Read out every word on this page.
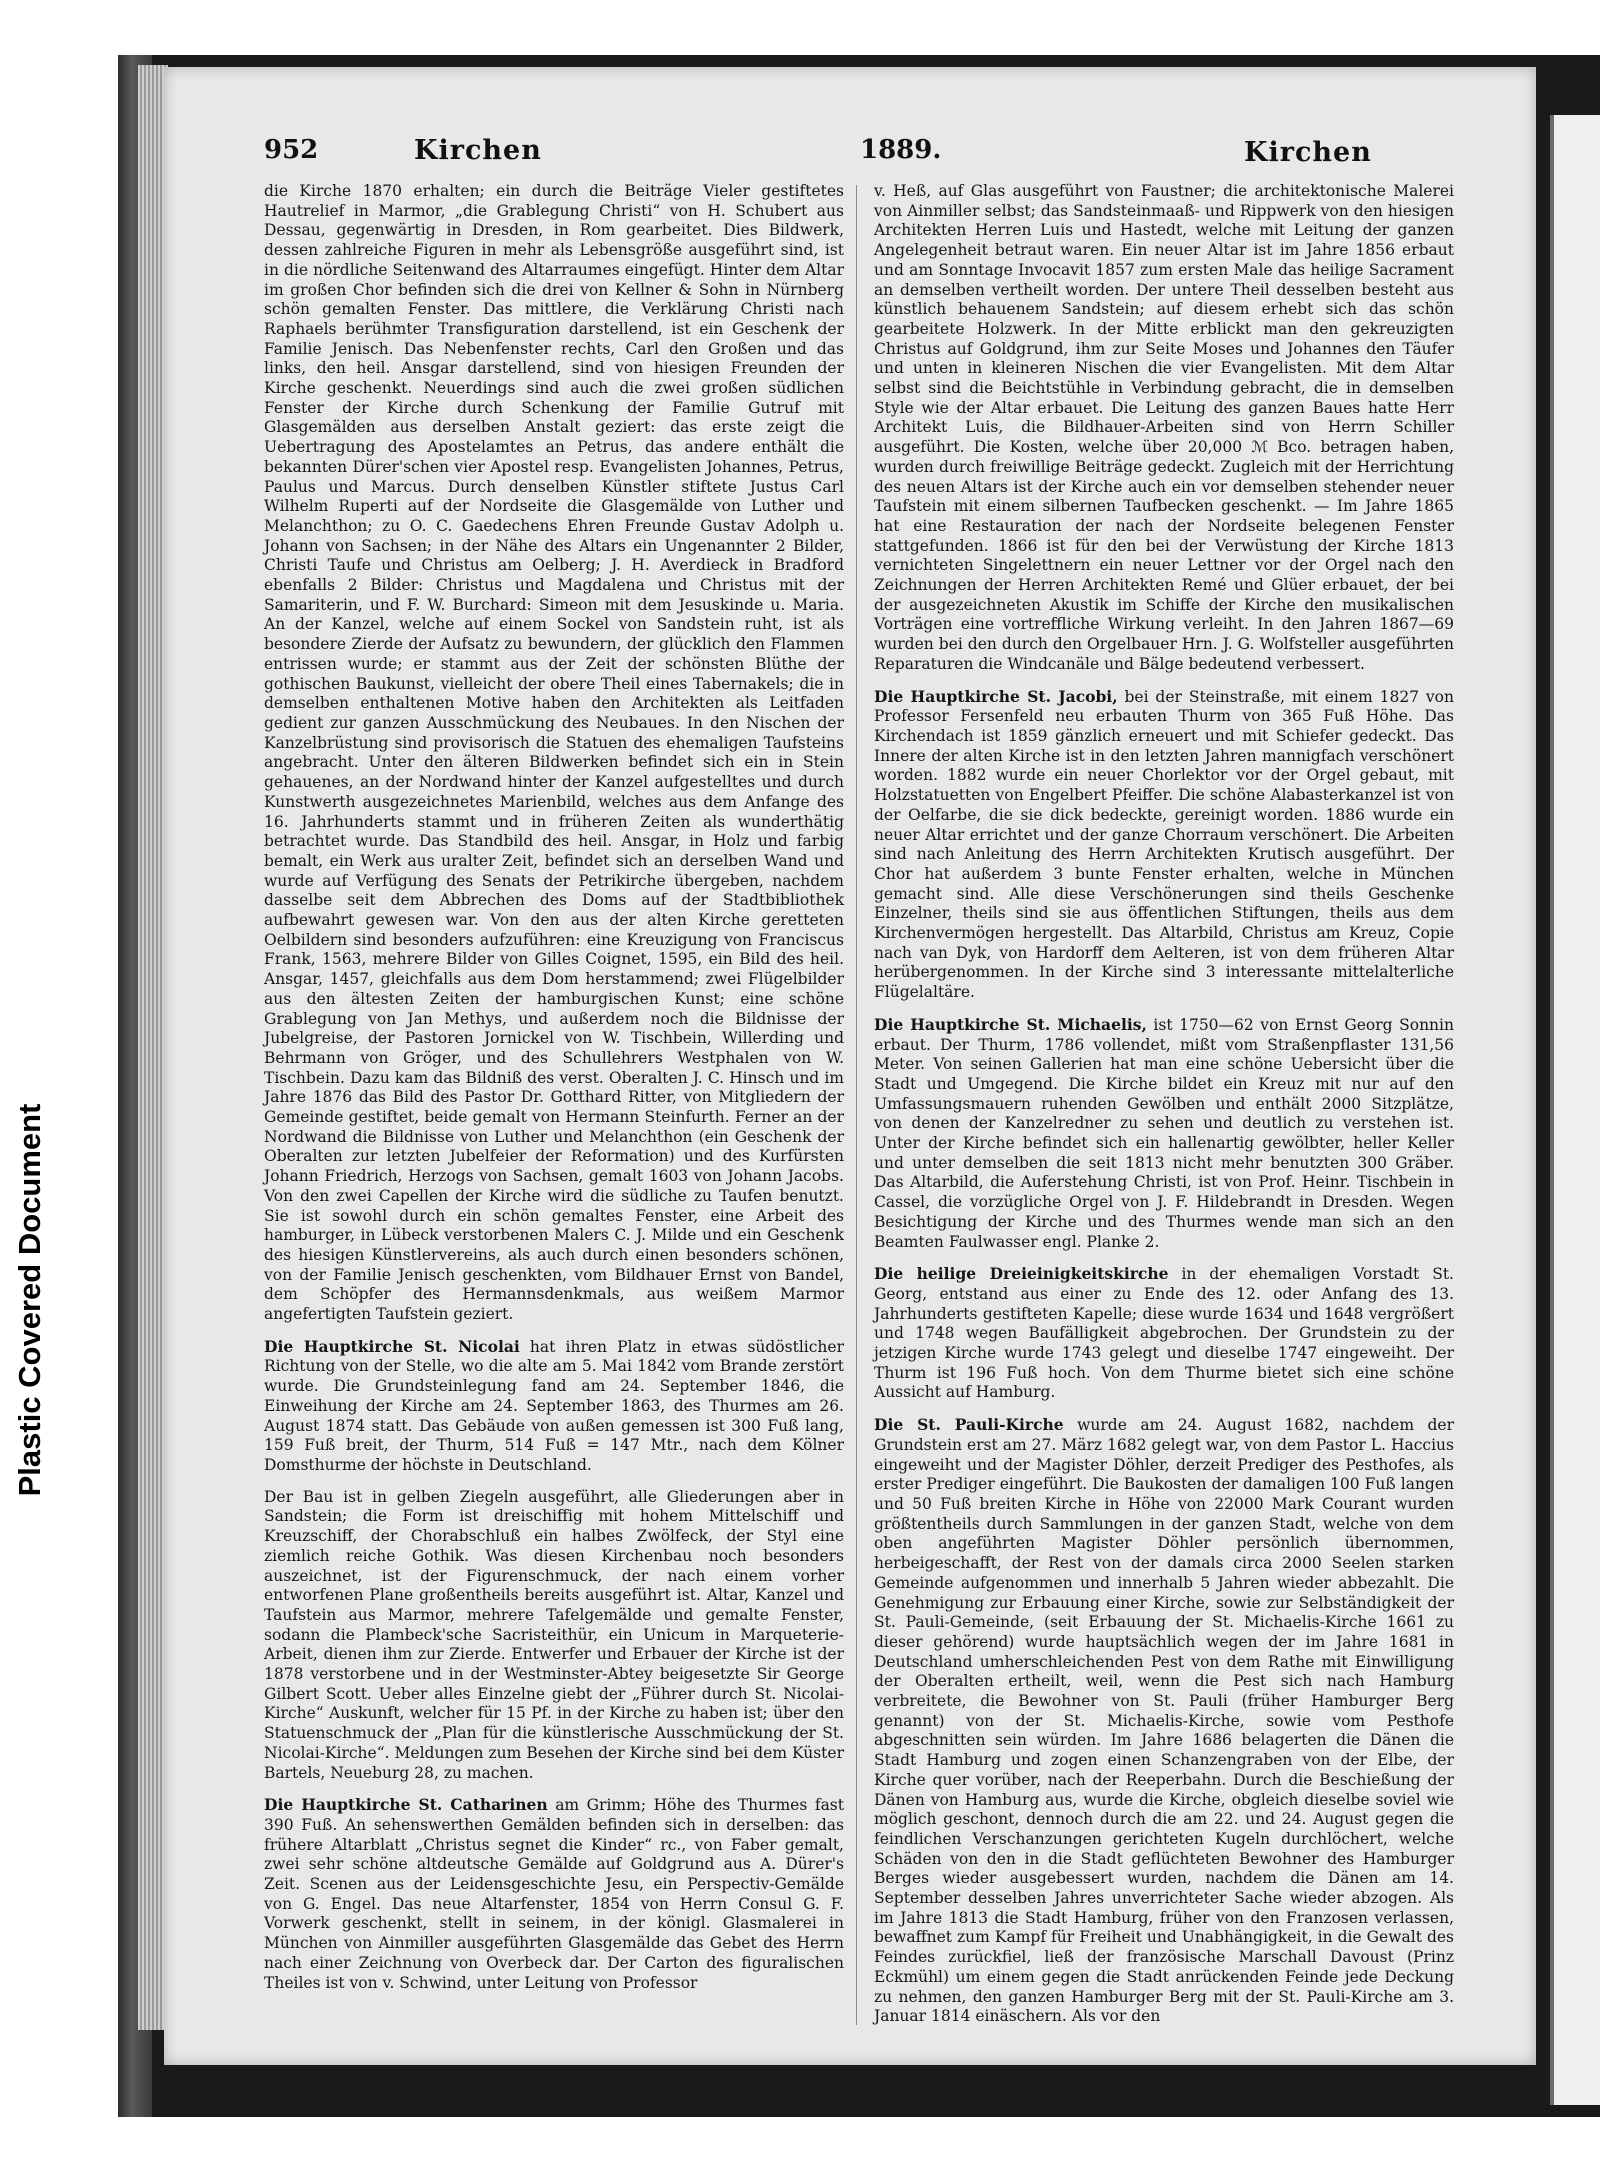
Plastic Covered Document
952	Kirchen	1889.	Kirchen

die Kirche 1870 erhalten; ein durch die Beiträge Vieler gestiftetes Hautrelief in Marmor, „die Grablegung Christi“ von H. Schubert aus Dessau, gegenwärtig in Dresden, in Rom gearbeitet. Dies Bildwerk, dessen zahlreiche Figuren in mehr als Lebensgröße ausgeführt sind, ist in die nördliche Seitenwand des Altarraumes eingefügt. Hinter dem Altar im großen Chor befinden sich die drei von Kellner & Sohn in Nürnberg schön gemalten Fenster. Das mittlere, die Verklärung Christi nach Raphaels berühmter Transfiguration darstellend, ist ein Geschenk der Familie Jenisch. Das Nebenfenster rechts, Carl den Großen und das links, den heil. Ansgar darstellend, sind von hiesigen Freunden der Kirche geschenkt. Neuerdings sind auch die zwei großen südlichen Fenster der Kirche durch Schenkung der Familie Gutruf mit Glasgemälden aus derselben Anstalt geziert: das erste zeigt die Uebertragung des Apostelamtes an Petrus, das andere enthält die bekannten Dürer'schen vier Apostel resp. Evangelisten Johannes, Petrus, Paulus und Marcus. Durch denselben Künstler stiftete Justus Carl Wilhelm Ruperti auf der Nordseite die Glasgemälde von Luther und Melanchthon; zu O. C. Gaedechens Ehren Freunde Gustav Adolph u. Johann von Sachsen; in der Nähe des Altars ein Ungenannter 2 Bilder, Christi Taufe und Christus am Oelberg; J. H. Averdieck in Bradford ebenfalls 2 Bilder: Christus und Magdalena und Christus mit der Samariterin, und F. W. Burchard: Simeon mit dem Jesuskinde u. Maria. An der Kanzel, welche auf einem Sockel von Sandstein ruht, ist als besondere Zierde der Aufsatz zu bewundern, der glücklich den Flammen entrissen wurde; er stammt aus der Zeit der schönsten Blüthe der gothischen Baukunst, vielleicht der obere Theil eines Tabernakels; die in demselben enthaltenen Motive haben den Architekten als Leitfaden gedient zur ganzen Ausschmückung des Neubaues. In den Nischen der Kanzelbrüstung sind provisorisch die Statuen des ehemaligen Taufsteins angebracht. Unter den älteren Bildwerken befindet sich ein in Stein gehauenes, an der Nordwand hinter der Kanzel aufgestelltes und durch Kunstwerth ausgezeichnetes Marienbild, welches aus dem Anfange des 16. Jahrhunderts stammt und in früheren Zeiten als wunderthätig betrachtet wurde. Das Standbild des heil. Ansgar, in Holz und farbig bemalt, ein Werk aus uralter Zeit, befindet sich an derselben Wand und wurde auf Verfügung des Senats der Petrikirche übergeben, nachdem dasselbe seit dem Abbrechen des Doms auf der Stadtbibliothek aufbewahrt gewesen war. Von den aus der alten Kirche geretteten Oelbildern sind besonders aufzuführen: eine Kreuzigung von Franciscus Frank, 1563, mehrere Bilder von Gilles Coignet, 1595, ein Bild des heil. Ansgar, 1457, gleichfalls aus dem Dom herstammend; zwei Flügelbilder aus den ältesten Zeiten der hamburgischen Kunst; eine schöne Grablegung von Jan Methys, und außerdem noch die Bildnisse der Jubelgreise, der Pastoren Jornickel von W. Tischbein, Willerding und Behrmann von Gröger, und des Schullehrers Westphalen von W. Tischbein. Dazu kam das Bildniß des verst. Oberalten J. C. Hinsch und im Jahre 1876 das Bild des Pastor Dr. Gotthard Ritter, von Mitgliedern der Gemeinde gestiftet, beide gemalt von Hermann Steinfurth. Ferner an der Nordwand die Bildnisse von Luther und Melanchthon (ein Geschenk der Oberalten zur letzten Jubelfeier der Reformation) und des Kurfürsten Johann Friedrich, Herzogs von Sachsen, gemalt 1603 von Johann Jacobs. Von den zwei Capellen der Kirche wird die südliche zu Taufen benutzt. Sie ist sowohl durch ein schön gemaltes Fenster, eine Arbeit des hamburger, in Lübeck verstorbenen Malers C. J. Milde und ein Geschenk des hiesigen Künstlervereins, als auch durch einen besonders schönen, von der Familie Jenisch geschenkten, vom Bildhauer Ernst von Bandel, dem Schöpfer des Hermannsdenkmals, aus weißem Marmor angefertigten Taufstein geziert.

Die Hauptkirche St. Nicolai hat ihren Platz in etwas südöstlicher Richtung von der Stelle, wo die alte am 5. Mai 1842 vom Brande zerstört wurde. Die Grundsteinlegung fand am 24. September 1846, die Einweihung der Kirche am 24. September 1863, des Thurmes am 26. August 1874 statt. Das Gebäude von außen gemessen ist 300 Fuß lang, 159 Fuß breit, der Thurm, 514 Fuß = 147 Mtr., nach dem Kölner Domsthurme der höchste in Deutschland.

Der Bau ist in gelben Ziegeln ausgeführt, alle Gliederungen aber in Sandstein; die Form ist dreischiffig mit hohem Mittelschiff und Kreuzschiff, der Chorabschluß ein halbes Zwölfeck, der Styl eine ziemlich reiche Gothik. Was diesen Kirchenbau noch besonders auszeichnet, ist der Figurenschmuck, der nach einem vorher entworfenen Plane großentheils bereits ausgeführt ist. Altar, Kanzel und Taufstein aus Marmor, mehrere Tafelgemälde und gemalte Fenster, sodann die Plambeck'sche Sacristeithür, ein Unicum in Marqueterie-Arbeit, dienen ihm zur Zierde. Entwerfer und Erbauer der Kirche ist der 1878 verstorbene und in der Westminster-Abtey beigesetzte Sir George Gilbert Scott. Ueber alles Einzelne giebt der „Führer durch St. Nicolai-Kirche“ Auskunft, welcher für 15 Pf. in der Kirche zu haben ist; über den Statuenschmuck der „Plan für die künstlerische Ausschmückung der St. Nicolai-Kirche“. Meldungen zum Besehen der Kirche sind bei dem Küster Bartels, Neueburg 28, zu machen.

Die Hauptkirche St. Catharinen am Grimm; Höhe des Thurmes fast 390 Fuß. An sehenswerthen Gemälden befinden sich in derselben: das frühere Altarblatt „Christus segnet die Kinder“ rc., von Faber gemalt, zwei sehr schöne altdeutsche Gemälde auf Goldgrund aus A. Dürer's Zeit. Scenen aus der Leidensgeschichte Jesu, ein Perspectiv-Gemälde von G. Engel. Das neue Altarfenster, 1854 von Herrn Consul G. F. Vorwerk geschenkt, stellt in seinem, in der königl. Glasmalerei in München von Ainmiller ausgeführten Glasgemälde das Gebet des Herrn nach einer Zeichnung von Overbeck dar. Der Carton des figuralischen Theiles ist von v. Schwind, unter Leitung von Professor

v. Heß, auf Glas ausgeführt von Faustner; die architektonische Malerei von Ainmiller selbst; das Sandsteinmaaß- und Rippwerk von den hiesigen Architekten Herren Luis und Hastedt, welche mit Leitung der ganzen Angelegenheit betraut waren. Ein neuer Altar ist im Jahre 1856 erbaut und am Sonntage Invocavit 1857 zum ersten Male das heilige Sacrament an demselben vertheilt worden. Der untere Theil desselben besteht aus künstlich behauenem Sandstein; auf diesem erhebt sich das schön gearbeitete Holzwerk. In der Mitte erblickt man den gekreuzigten Christus auf Goldgrund, ihm zur Seite Moses und Johannes den Täufer und unten in kleineren Nischen die vier Evangelisten. Mit dem Altar selbst sind die Beichtstühle in Verbindung gebracht, die in demselben Style wie der Altar erbauet. Die Leitung des ganzen Baues hatte Herr Architekt Luis, die Bildhauer-Arbeiten sind von Herrn Schiller ausgeführt. Die Kosten, welche über 20,000 ℳ Bco. betragen haben, wurden durch freiwillige Beiträge gedeckt. Zugleich mit der Herrichtung des neuen Altars ist der Kirche auch ein vor demselben stehender neuer Taufstein mit einem silbernen Taufbecken geschenkt. — Im Jahre 1865 hat eine Restauration der nach der Nordseite belegenen Fenster stattgefunden. 1866 ist für den bei der Verwüstung der Kirche 1813 vernichteten Singelettnern ein neuer Lettner vor der Orgel nach den Zeichnungen der Herren Architekten Remé und Glüer erbauet, der bei der ausgezeichneten Akustik im Schiffe der Kirche den musikalischen Vorträgen eine vortreffliche Wirkung verleiht. In den Jahren 1867—69 wurden bei den durch den Orgelbauer Hrn. J. G. Wolfsteller ausgeführten Reparaturen die Windcanäle und Bälge bedeutend verbessert.

Die Hauptkirche St. Jacobi, bei der Steinstraße, mit einem 1827 von Professor Fersenfeld neu erbauten Thurm von 365 Fuß Höhe. Das Kirchendach ist 1859 gänzlich erneuert und mit Schiefer gedeckt. Das Innere der alten Kirche ist in den letzten Jahren mannigfach verschönert worden. 1882 wurde ein neuer Chorlektor vor der Orgel gebaut, mit Holzstatuetten von Engelbert Pfeiffer. Die schöne Alabasterkanzel ist von der Oelfarbe, die sie dick bedeckte, gereinigt worden. 1886 wurde ein neuer Altar errichtet und der ganze Chorraum verschönert. Die Arbeiten sind nach Anleitung des Herrn Architekten Krutisch ausgeführt. Der Chor hat außerdem 3 bunte Fenster erhalten, welche in München gemacht sind. Alle diese Verschönerungen sind theils Geschenke Einzelner, theils sind sie aus öffentlichen Stiftungen, theils aus dem Kirchenvermögen hergestellt. Das Altarbild, Christus am Kreuz, Copie nach van Dyk, von Hardorff dem Aelteren, ist von dem früheren Altar herübergenommen. In der Kirche sind 3 interessante mittelalterliche Flügelaltäre.

Die Hauptkirche St. Michaelis, ist 1750—62 von Ernst Georg Sonnin erbaut. Der Thurm, 1786 vollendet, mißt vom Straßenpflaster 131,56 Meter. Von seinen Gallerien hat man eine schöne Uebersicht über die Stadt und Umgegend. Die Kirche bildet ein Kreuz mit nur auf den Umfassungsmauern ruhenden Gewölben und enthält 2000 Sitzplätze, von denen der Kanzelredner zu sehen und deutlich zu verstehen ist. Unter der Kirche befindet sich ein hallenartig gewölbter, heller Keller und unter demselben die seit 1813 nicht mehr benutzten 300 Gräber. Das Altarbild, die Auferstehung Christi, ist von Prof. Heinr. Tischbein in Cassel, die vorzügliche Orgel von J. F. Hildebrandt in Dresden. Wegen Besichtigung der Kirche und des Thurmes wende man sich an den Beamten Faulwasser engl. Planke 2.

Die heilige Dreieinigkeitskirche in der ehemaligen Vorstadt St. Georg, entstand aus einer zu Ende des 12. oder Anfang des 13. Jahrhunderts gestifteten Kapelle; diese wurde 1634 und 1648 vergrößert und 1748 wegen Baufälligkeit abgebrochen. Der Grundstein zu der jetzigen Kirche wurde 1743 gelegt und dieselbe 1747 eingeweiht. Der Thurm ist 196 Fuß hoch. Von dem Thurme bietet sich eine schöne Aussicht auf Hamburg.

Die St. Pauli-Kirche wurde am 24. August 1682, nachdem der Grundstein erst am 27. März 1682 gelegt war, von dem Pastor L. Haccius eingeweiht und der Magister Döhler, derzeit Prediger des Pesthofes, als erster Prediger eingeführt. Die Baukosten der damaligen 100 Fuß langen und 50 Fuß breiten Kirche in Höhe von 22000 Mark Courant wurden größtentheils durch Sammlungen in der ganzen Stadt, welche von dem oben angeführten Magister Döhler persönlich übernommen, herbeigeschafft, der Rest von der damals circa 2000 Seelen starken Gemeinde aufgenommen und innerhalb 5 Jahren wieder abbezahlt. Die Genehmigung zur Erbauung einer Kirche, sowie zur Selbständigkeit der St. Pauli-Gemeinde, (seit Erbauung der St. Michaelis-Kirche 1661 zu dieser gehörend) wurde hauptsächlich wegen der im Jahre 1681 in Deutschland umherschleichenden Pest von dem Rathe mit Einwilligung der Oberalten ertheilt, weil, wenn die Pest sich nach Hamburg verbreitete, die Bewohner von St. Pauli (früher Hamburger Berg genannt) von der St. Michaelis-Kirche, sowie vom Pesthofe abgeschnitten sein würden. Im Jahre 1686 belagerten die Dänen die Stadt Hamburg und zogen einen Schanzengraben von der Elbe, der Kirche quer vorüber, nach der Reeperbahn. Durch die Beschießung der Dänen von Hamburg aus, wurde die Kirche, obgleich dieselbe soviel wie möglich geschont, dennoch durch die am 22. und 24. August gegen die feindlichen Verschanzungen gerichteten Kugeln durchlöchert, welche Schäden von den in die Stadt geflüchteten Bewohner des Hamburger Berges wieder ausgebessert wurden, nachdem die Dänen am 14. September desselben Jahres unverrichteter Sache wieder abzogen. Als im Jahre 1813 die Stadt Hamburg, früher von den Franzosen verlassen, bewaffnet zum Kampf für Freiheit und Unabhängigkeit, in die Gewalt des Feindes zurückfiel, ließ der französische Marschall Davoust (Prinz Eckmühl) um einem gegen die Stadt anrückenden Feinde jede Deckung zu nehmen, den ganzen Hamburger Berg mit der St. Pauli-Kirche am 3. Januar 1814 einäschern. Als vor den
